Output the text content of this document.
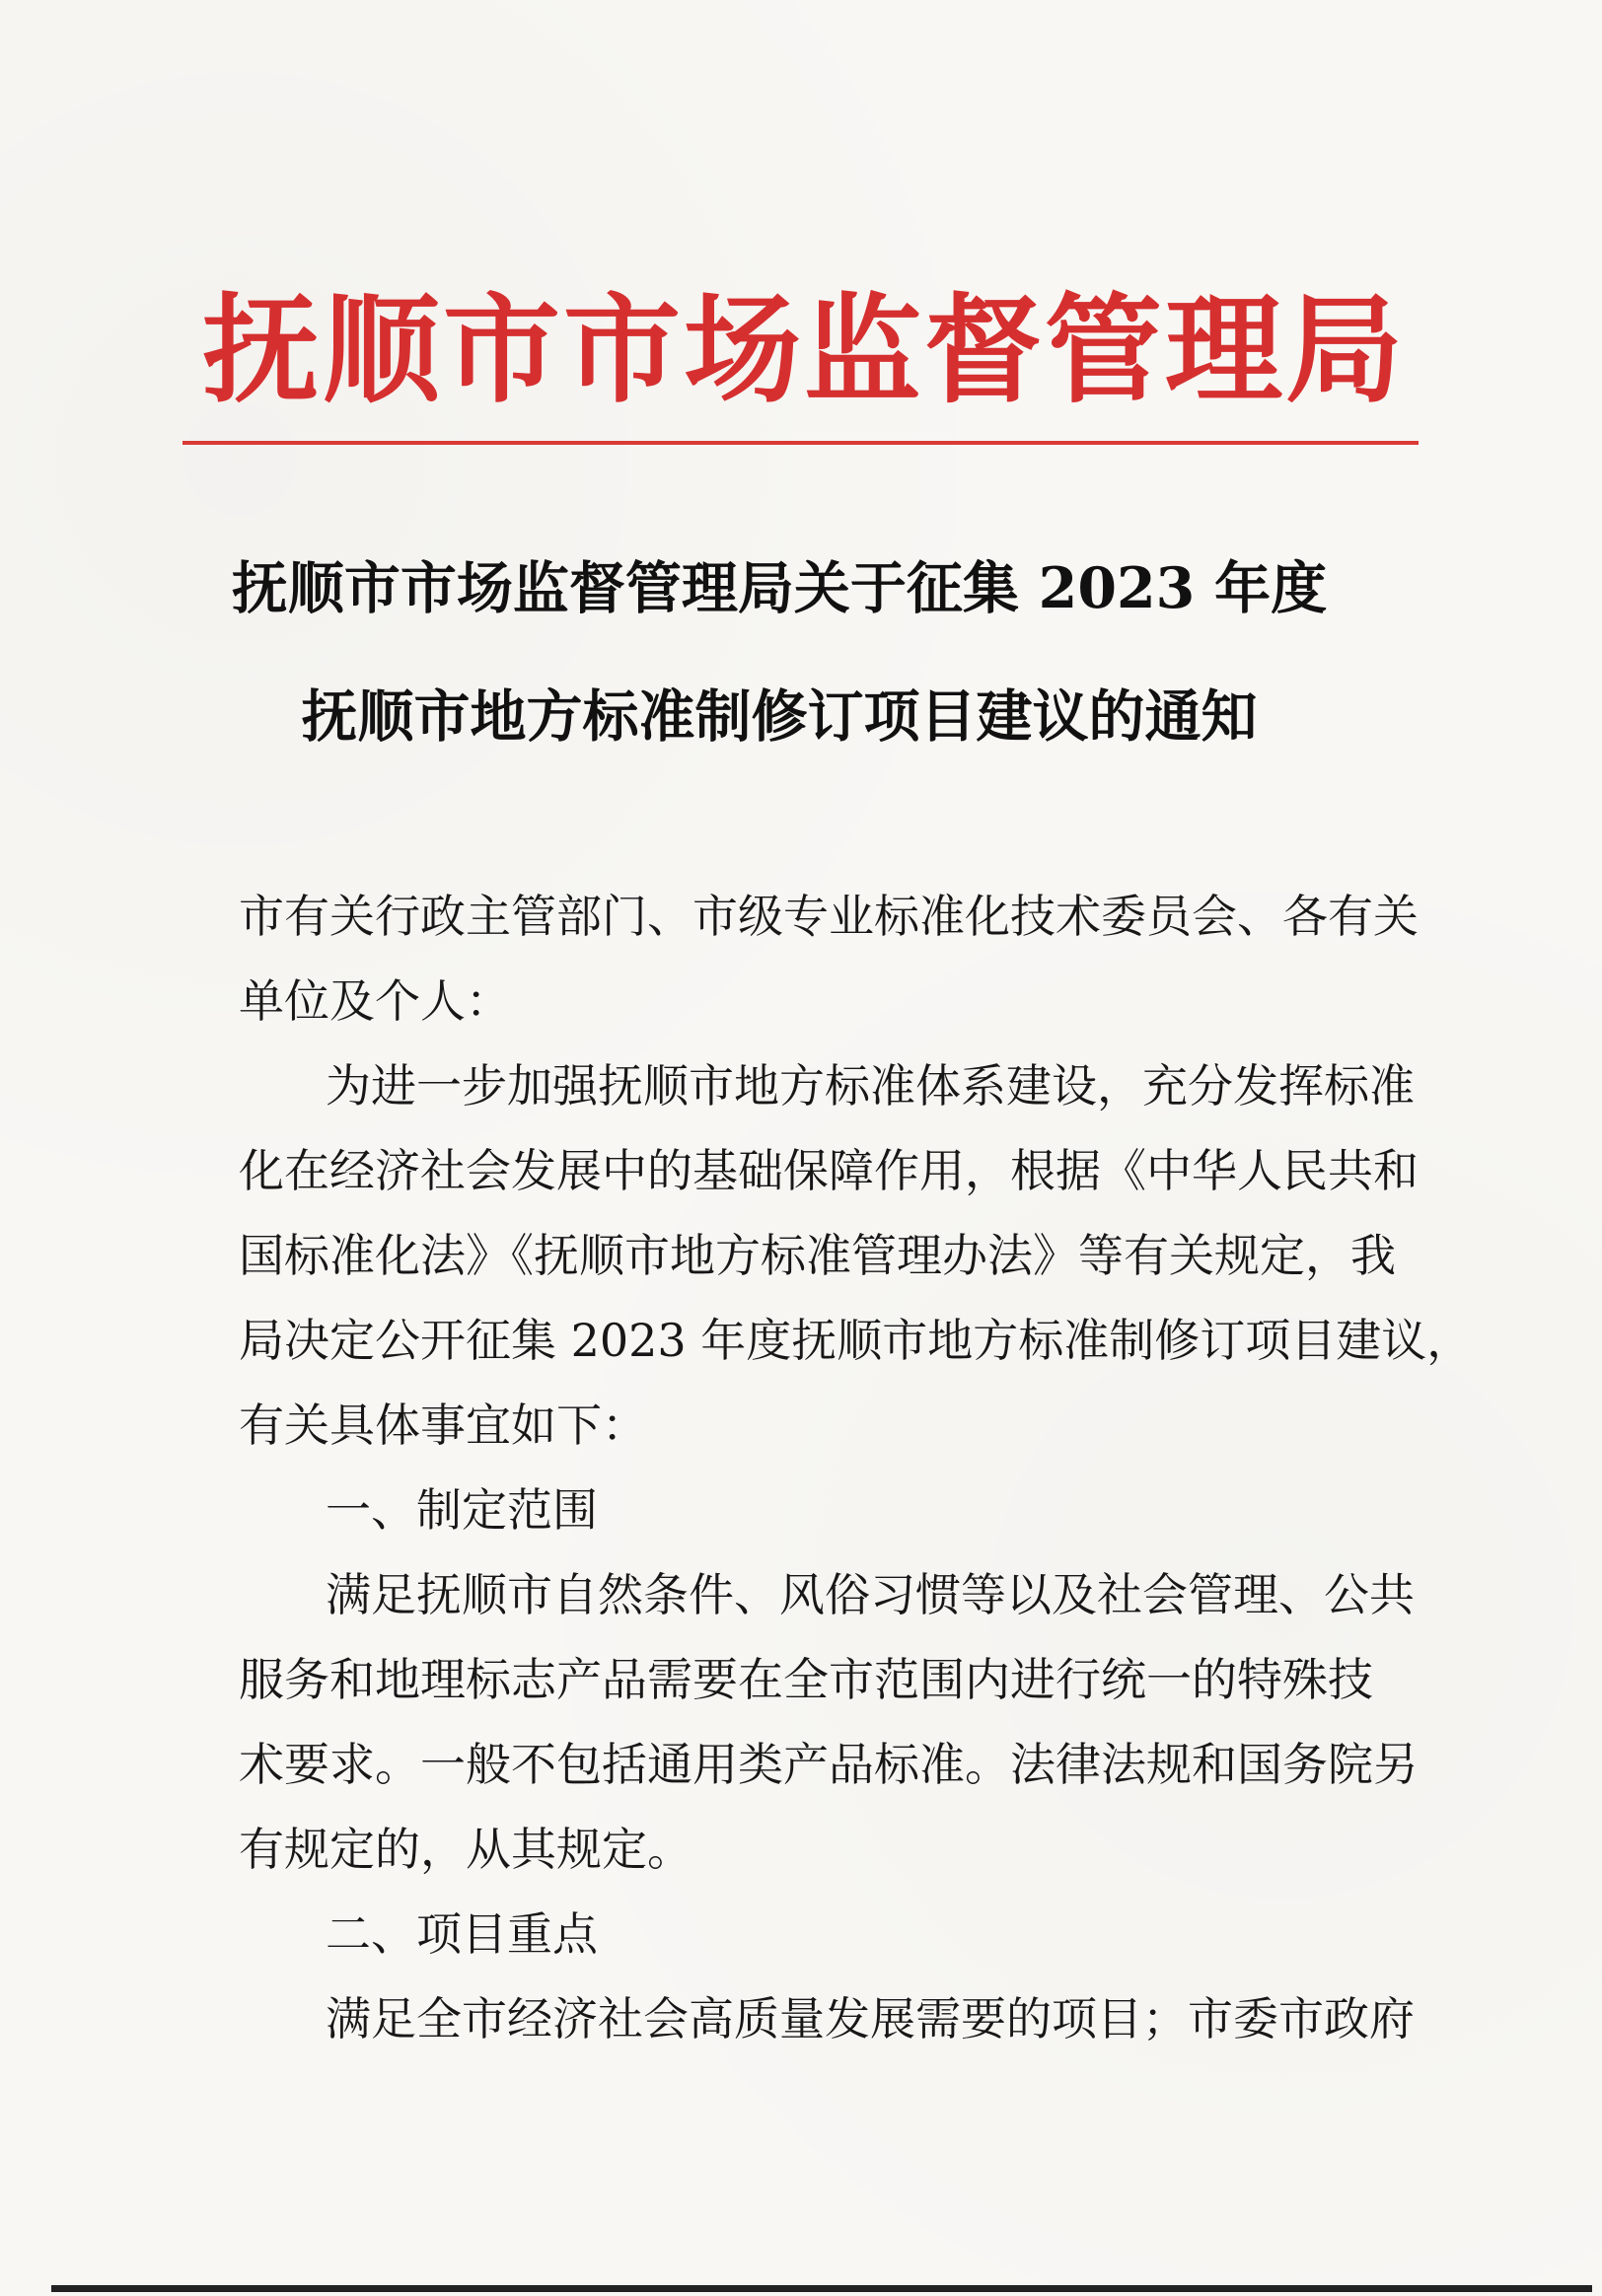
抚顺市市场监督管理局
抚顺市市场监督管理局关于征集 2023 年度
抚顺市地方标准制修订项目建议的通知

市有关行政主管部门、市级专业标准化技术委员会、各有关

单位及个人：

为进一步加强抚顺市地方标准体系建设，充分发挥标准

化在经济社会发展中的基础保障作用，根据《中华人民共和

国标准化法》《抚顺市地方标准管理办法》等有关规定，我

局决定公开征集 2023 年度抚顺市地方标准制修订项目建议，

有关具体事宜如下：

一、制定范围

满足抚顺市自然条件、风俗习惯等以及社会管理、公共

服务和地理标志产品需要在全市范围内进行统一的特殊技

术要求。一般不包括通用类产品标准。法律法规和国务院另

有规定的，从其规定。

二、项目重点

满足全市经济社会高质量发展需要的项目；市委市政府
